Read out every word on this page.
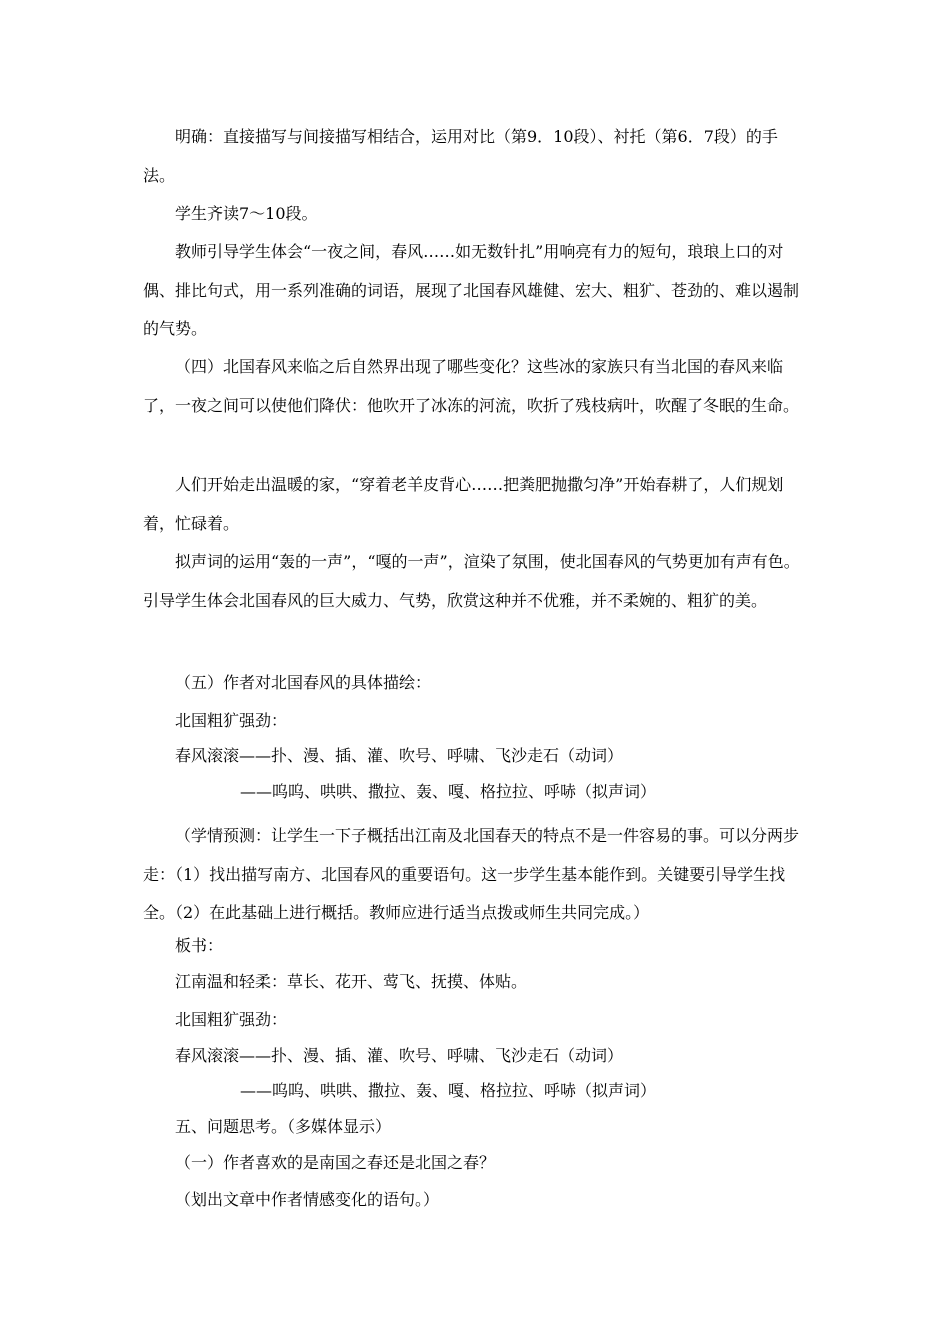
明确：直接描写与间接描写相结合，运用对比（第9．10段）、衬托（第6．7段）的手法。

学生齐读7～10段。

教师引导学生体会“一夜之间，春风……如无数针扎”用响亮有力的短句，琅琅上口的对偶、排比句式，用一系列准确的词语，展现了北国春风雄健、宏大、粗犷、苍劲的、难以遏制的气势。

（四）北国春风来临之后自然界出现了哪些变化？这些冰的家族只有当北国的春风来临了，一夜之间可以使他们降伏：他吹开了冰冻的河流，吹折了残枝病叶，吹醒了冬眠的生命。

人们开始走出温暖的家，“穿着老羊皮背心……把粪肥抛撒匀净”开始春耕了，人们规划着，忙碌着。

拟声词的运用“轰的一声”，“嘎的一声”，渲染了氛围，使北国春风的气势更加有声有色。引导学生体会北国春风的巨大威力、气势，欣赏这种并不优雅，并不柔婉的、粗犷的美。

（五）作者对北国春风的具体描绘：

北国粗犷强劲：

春风滚滚——扑、漫、插、灌、吹号、呼啸、飞沙走石（动词）

——呜呜、哄哄、撒拉、轰、嘎、格拉拉、呼哧（拟声词）

（学情预测：让学生一下子概括出江南及北国春天的特点不是一件容易的事。可以分两步走：（1）找出描写南方、北国春风的重要语句。这一步学生基本能作到。关键要引导学生找全。（2）在此基础上进行概括。教师应进行适当点拨或师生共同完成。）

板书：

江南温和轻柔：草长、花开、莺飞、抚摸、体贴。

北国粗犷强劲：

春风滚滚——扑、漫、插、灌、吹号、呼啸、飞沙走石（动词）

——呜呜、哄哄、撒拉、轰、嘎、格拉拉、呼哧（拟声词）

五、问题思考。（多媒体显示）

（一）作者喜欢的是南国之春还是北国之春？

（划出文章中作者情感变化的语句。）
